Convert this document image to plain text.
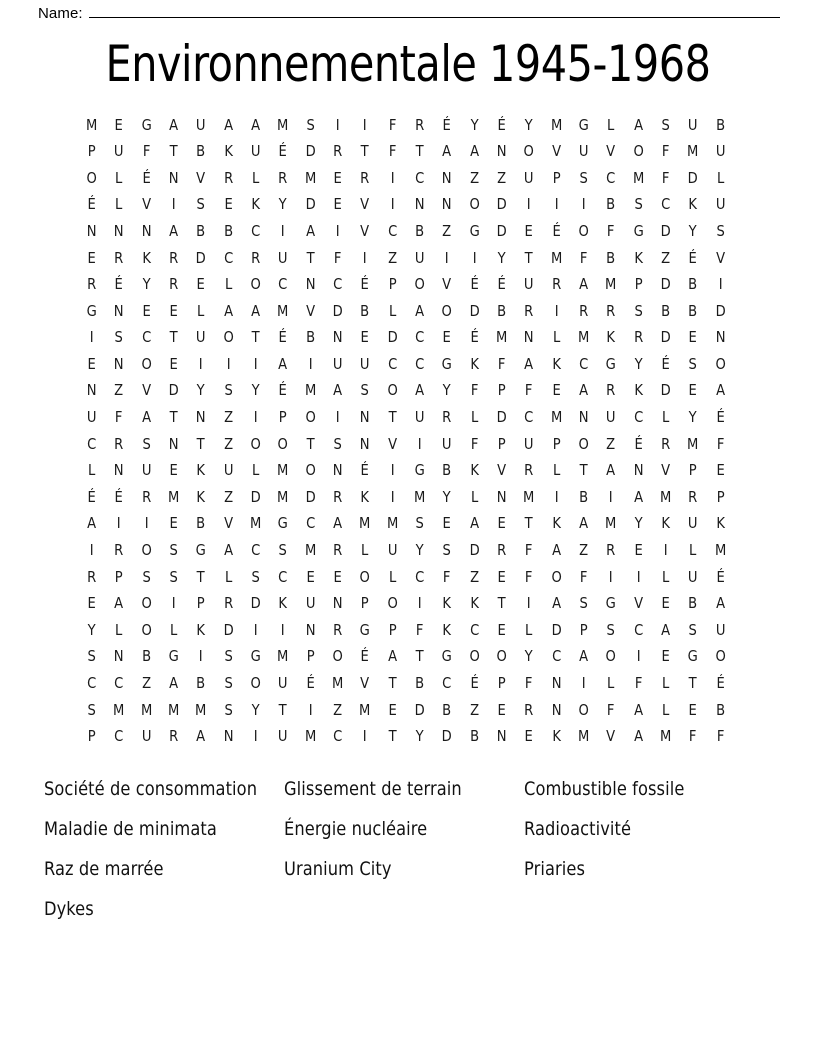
Name:
Environnementale 1945-1968
M	E	G	A	U	A	A	M	S	I	I	F	R	É	Y	É	Y	M	G	L	A	S	U	B
P	U	F	T	B	K	U	É	D	R	T	F	T	A	A	N	O	V	U	V	O	F	M	U
O	L	É	N	V	R	L	R	M	E	R	I	C	N	Z	Z	U	P	S	C	M	F	D	L
É	L	V	I	S	E	K	Y	D	E	V	I	N	N	O	D	I	I	I	B	S	C	K	U
N	N	N	A	B	B	C	I	A	I	V	C	B	Z	G	D	E	É	O	F	G	D	Y	S
E	R	K	R	D	C	R	U	T	F	I	Z	U	I	I	Y	T	M	F	B	K	Z	É	V
R	É	Y	R	E	L	O	C	N	C	É	P	O	V	É	É	U	R	A	M	P	D	B	I
G	N	E	E	L	A	A	M	V	D	B	L	A	O	D	B	R	I	R	R	S	B	B	D
I	S	C	T	U	O	T	É	B	N	E	D	C	E	É	M	N	L	M	K	R	D	E	N
E	N	O	E	I	I	I	A	I	U	U	C	C	G	K	F	A	K	C	G	Y	É	S	O
N	Z	V	D	Y	S	Y	É	M	A	S	O	A	Y	F	P	F	E	A	R	K	D	E	A
U	F	A	T	N	Z	I	P	O	I	N	T	U	R	L	D	C	M	N	U	C	L	Y	É
C	R	S	N	T	Z	O	O	T	S	N	V	I	U	F	P	U	P	O	Z	É	R	M	F
L	N	U	E	K	U	L	M	O	N	É	I	G	B	K	V	R	L	T	A	N	V	P	E
É	É	R	M	K	Z	D	M	D	R	K	I	M	Y	L	N	M	I	B	I	A	M	R	P
A	I	I	E	B	V	M	G	C	A	M	M	S	E	A	E	T	K	A	M	Y	K	U	K
I	R	O	S	G	A	C	S	M	R	L	U	Y	S	D	R	F	A	Z	R	E	I	L	M
R	P	S	S	T	L	S	C	E	E	O	L	C	F	Z	E	F	O	F	I	I	L	U	É
E	A	O	I	P	R	D	K	U	N	P	O	I	K	K	T	I	A	S	G	V	E	B	A
Y	L	O	L	K	D	I	I	N	R	G	P	F	K	C	E	L	D	P	S	C	A	S	U
S	N	B	G	I	S	G	M	P	O	É	A	T	G	O	O	Y	C	A	O	I	E	G	O
C	C	Z	A	B	S	O	U	É	M	V	T	B	C	É	P	F	N	I	L	F	L	T	É
S	M	M	M	M	S	Y	T	I	Z	M	E	D	B	Z	E	R	N	O	F	A	L	E	B
P	C	U	R	A	N	I	U	M	C	I	T	Y	D	B	N	E	K	M	V	A	M	F	F
Société de consommation	Glissement de terrain	Combustible fossile
Maladie de minimata	Énergie nucléaire	Radioactivité
Raz de marrée	Uranium City	Priaries
Dykes
